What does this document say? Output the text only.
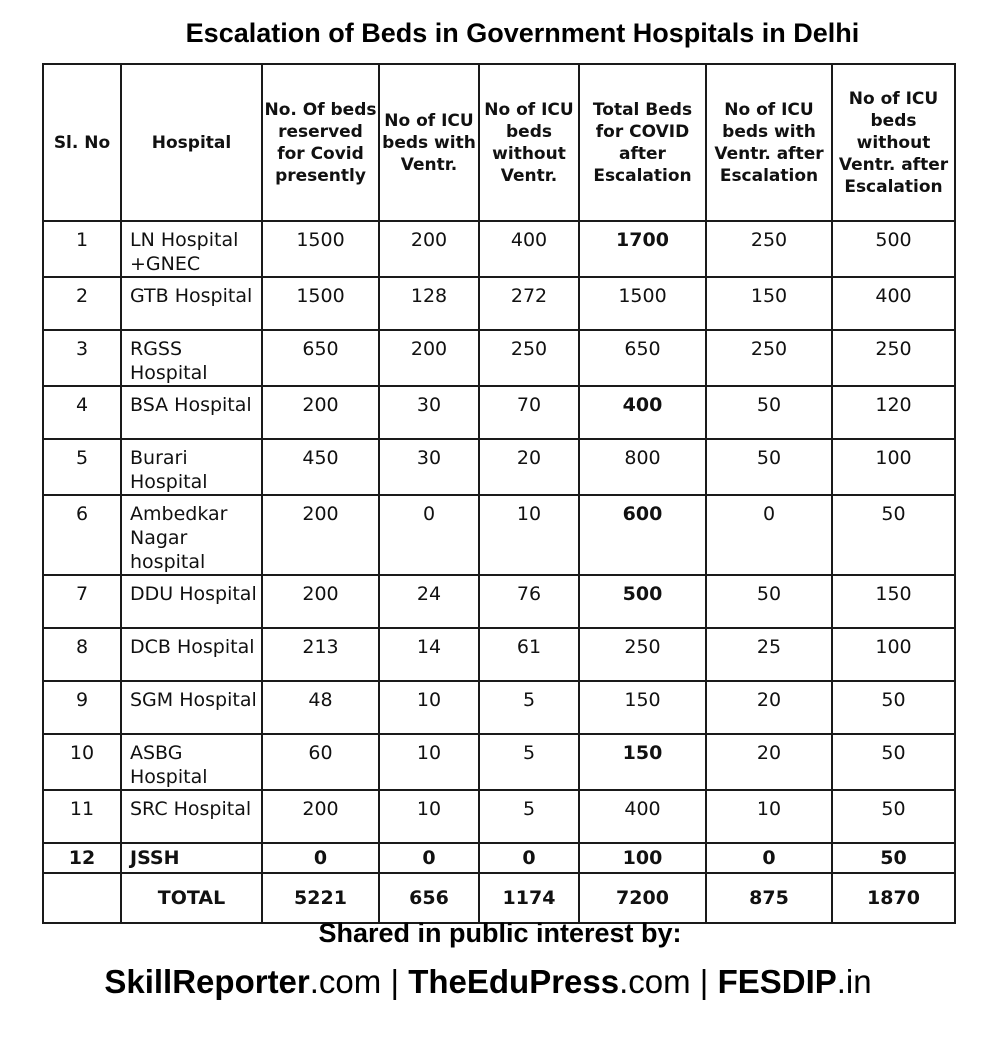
Escalation of Beds in Government Hospitals in Delhi
Sl. No	Hospital	No. Of beds reserved for Covid presently	No of ICU beds with Ventr.	No of ICU beds without Ventr.	Total Beds for COVID after Escalation	No of ICU beds with Ventr. after Escalation	No of ICU beds without Ventr. after Escalation
1	LN Hospital +GNEC	1500	200	400	1700	250	500
2	GTB Hospital	1500	128	272	1500	150	400
3	RGSS Hospital	650	200	250	650	250	250
4	BSA Hospital	200	30	70	400	50	120
5	Burari Hospital	450	30	20	800	50	100
6	Ambedkar Nagar hospital	200	0	10	600	0	50
7	DDU Hospital	200	24	76	500	50	150
8	DCB Hospital	213	14	61	250	25	100
9	SGM Hospital	48	10	5	150	20	50
10	ASBG Hospital	60	10	5	150	20	50
11	SRC Hospital	200	10	5	400	10	50
12	JSSH	0	0	0	100	0	50
	TOTAL	5221	656	1174	7200	875	1870
Shared in public interest by:
SkillReporter.com | TheEduPress.com | FESDIP.in
